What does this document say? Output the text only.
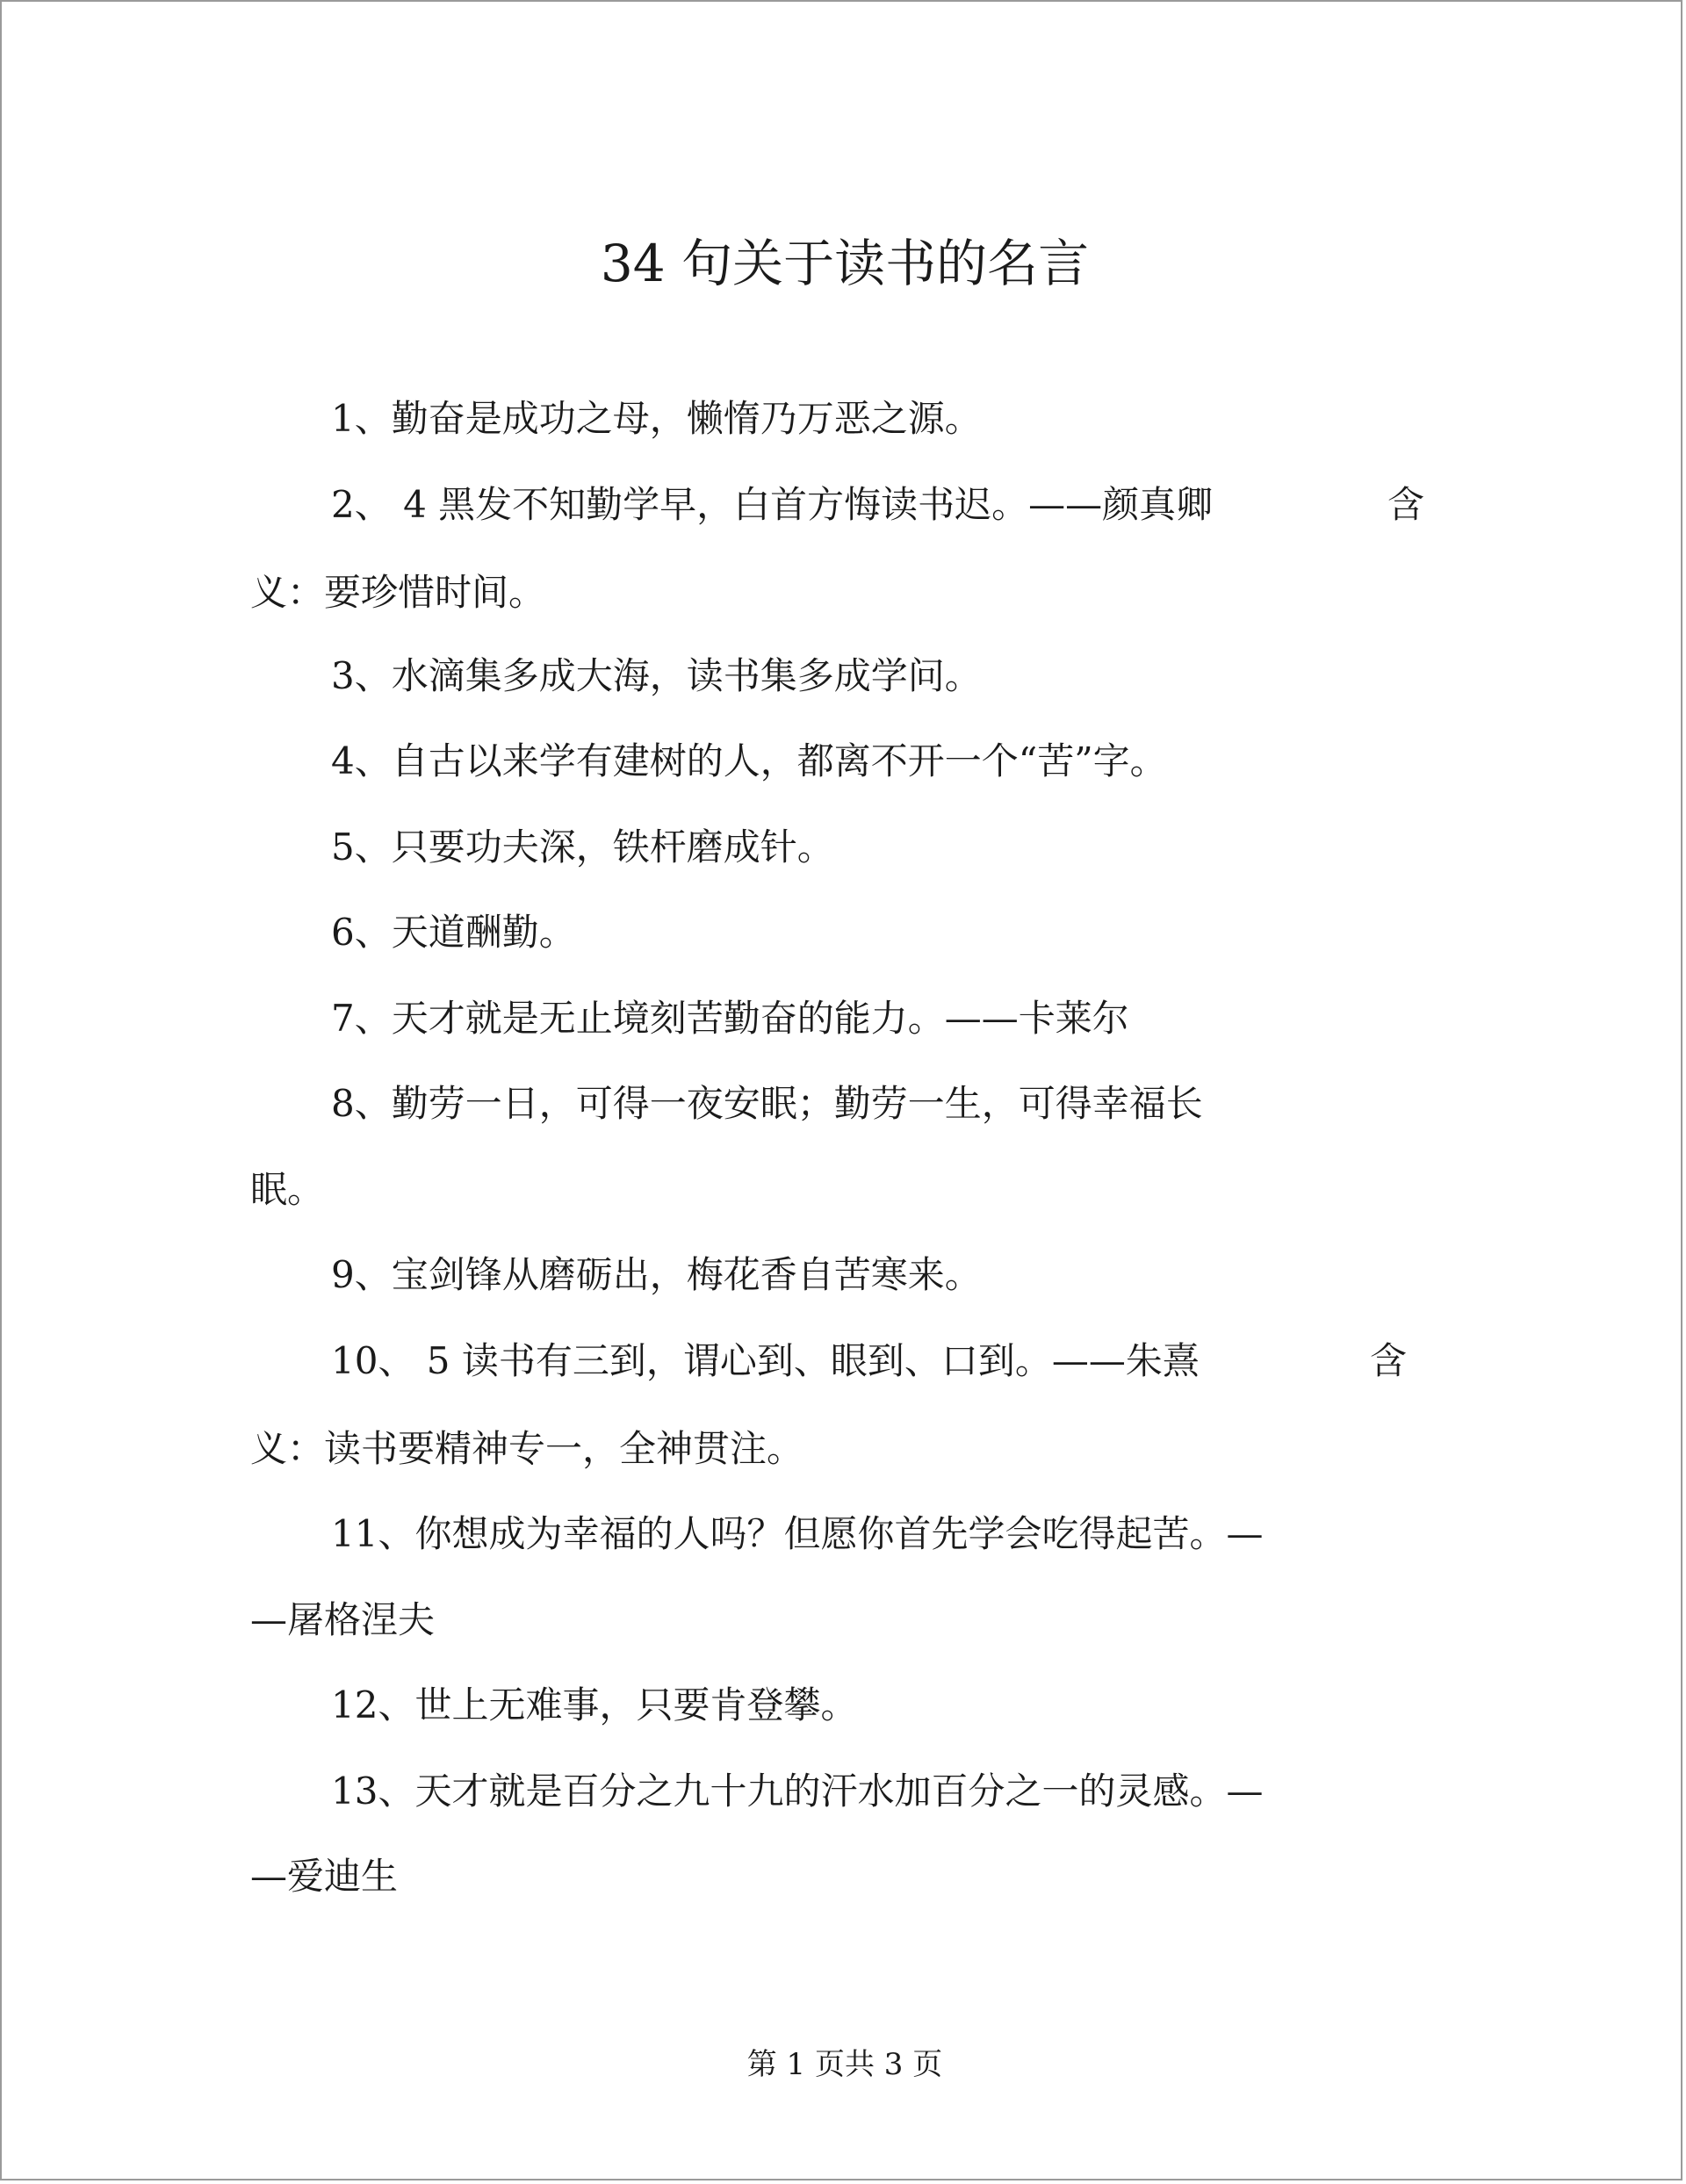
34 句关于读书的名言
1、勤奋是成功之母，懒惰乃万恶之源。
2、 4 黑发不知勤学早，白首方悔读书迟。——颜真卿	含
义：要珍惜时间。
3、水滴集多成大海，读书集多成学问。
4、自古以来学有建树的人，都离不开一个“苦”字。
5、只要功夫深，铁杆磨成针。
6、天道酬勤。
7、天才就是无止境刻苦勤奋的能力。——卡莱尔
8、勤劳一日，可得一夜安眠；勤劳一生，可得幸福长
眠。
9、宝剑锋从磨砺出，梅花香自苦寒来。
10、 5 读书有三到，谓心到、眼到、口到。——朱熹	含
义：读书要精神专一，全神贯注。
11、你想成为幸福的人吗？但愿你首先学会吃得起苦。—
—屠格涅夫
12、世上无难事，只要肯登攀。
13、天才就是百分之九十九的汗水加百分之一的灵感。—
—爱迪生
第 1 页共 3 页
